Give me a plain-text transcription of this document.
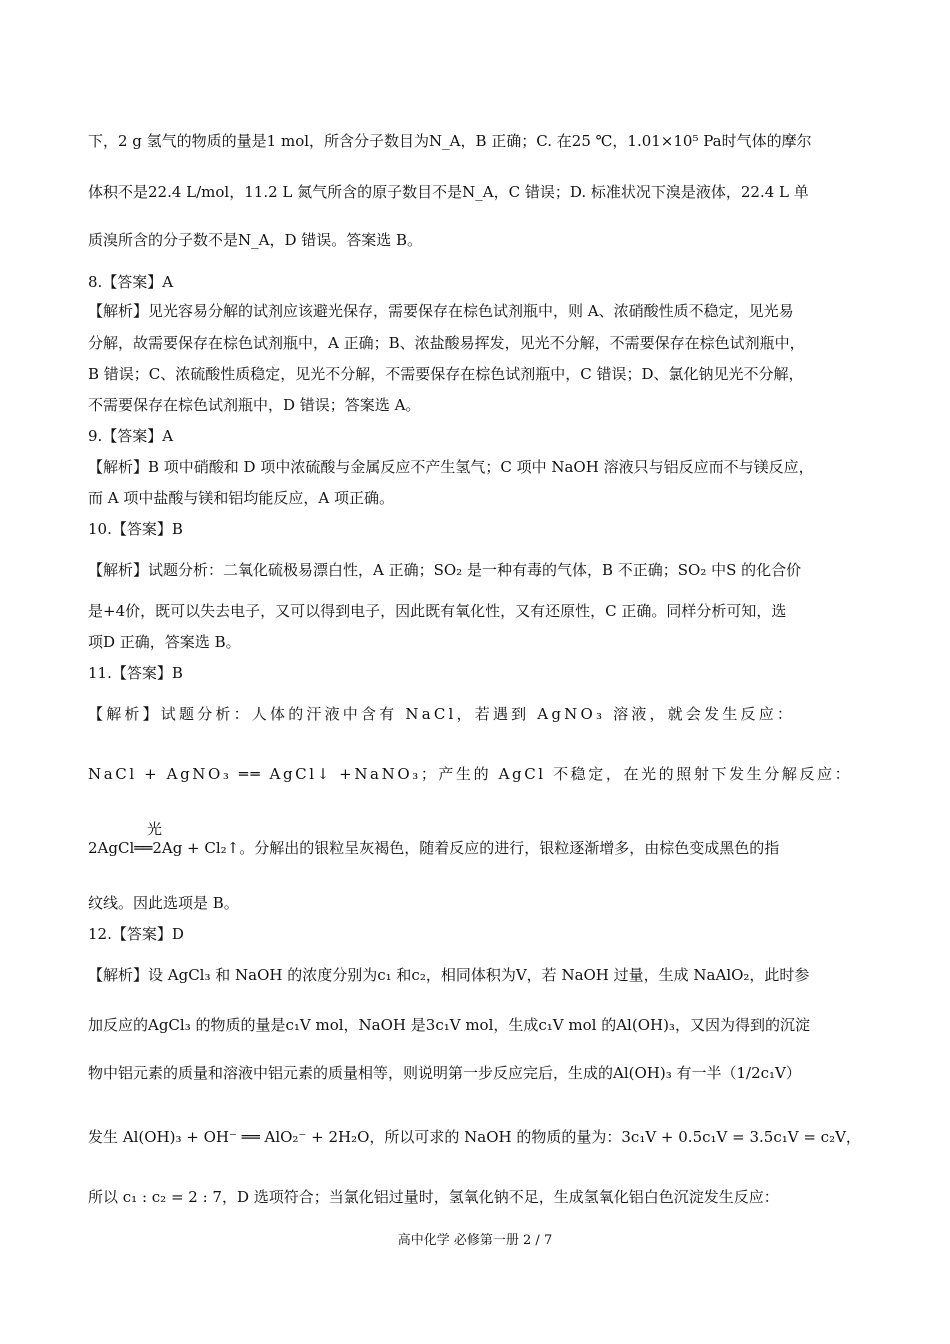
下，2 g 氢气的物质的量是1 mol，所含分子数目为N_A，B 正确；C. 在25 ℃，1.01×10⁵ Pa时气体的摩尔
体积不是22.4 L/mol，11.2 L 氮气所含的原子数目不是N_A，C 错误；D. 标准状况下溴是液体，22.4 L 单
质溴所含的分子数不是N_A，D 错误。答案选 B。
8.【答案】A
【解析】见光容易分解的试剂应该避光保存，需要保存在棕色试剂瓶中，则 A、浓硝酸性质不稳定，见光易
分解，故需要保存在棕色试剂瓶中，A 正确；B、浓盐酸易挥发，见光不分解，不需要保存在棕色试剂瓶中，
B 错误；C、浓硫酸性质稳定，见光不分解，不需要保存在棕色试剂瓶中，C 错误；D、氯化钠见光不分解，
不需要保存在棕色试剂瓶中，D 错误；答案选 A。
9.【答案】A
【解析】B 项中硝酸和 D 项中浓硫酸与金属反应不产生氢气；C 项中 NaOH 溶液只与铝反应而不与镁反应，
而 A 项中盐酸与镁和铝均能反应，A 项正确。
10.【答案】B
【解析】试题分析：二氧化硫极易漂白性，A 正确；SO₂ 是一种有毒的气体，B 不正确；SO₂ 中S 的化合价
是+4价，既可以失去电子，又可以得到电子，因此既有氧化性，又有还原性，C 正确。同样分析可知，选
项D 正确，答案选 B。
11.【答案】B
【解析】试题分析：人体的汗液中含有 NaCl，若遇到 AgNO₃ 溶液，就会发生反应：
NaCl + AgNO₃ ══ AgCl↓ +NaNO₃；产生的 AgCl 不稳定，在光的照射下发生分解反应：
光
2AgCl══2Ag + Cl₂↑。分解出的银粒呈灰褐色，随着反应的进行，银粒逐渐增多，由棕色变成黑色的指
纹线。因此选项是 B。
12.【答案】D
【解析】设 AgCl₃ 和 NaOH 的浓度分别为c₁ 和c₂，相同体积为V，若 NaOH 过量，生成 NaAlO₂，此时参
加反应的AgCl₃ 的物质的量是c₁V mol，NaOH 是3c₁V mol，生成c₁V mol 的Al(OH)₃，又因为得到的沉淀
物中铝元素的质量和溶液中铝元素的质量相等，则说明第一步反应完后，生成的Al(OH)₃ 有一半（1/2c₁V）
发生 Al(OH)₃ + OH⁻ ══ AlO₂⁻ + 2H₂O，所以可求的 NaOH 的物质的量为：3c₁V + 0.5c₁V = 3.5c₁V = c₂V，
所以 c₁ : c₂ = 2 : 7，D 选项符合；当氯化铝过量时，氢氧化钠不足，生成氢氧化铝白色沉淀发生反应：
高中化学 必修第一册 2 / 7
